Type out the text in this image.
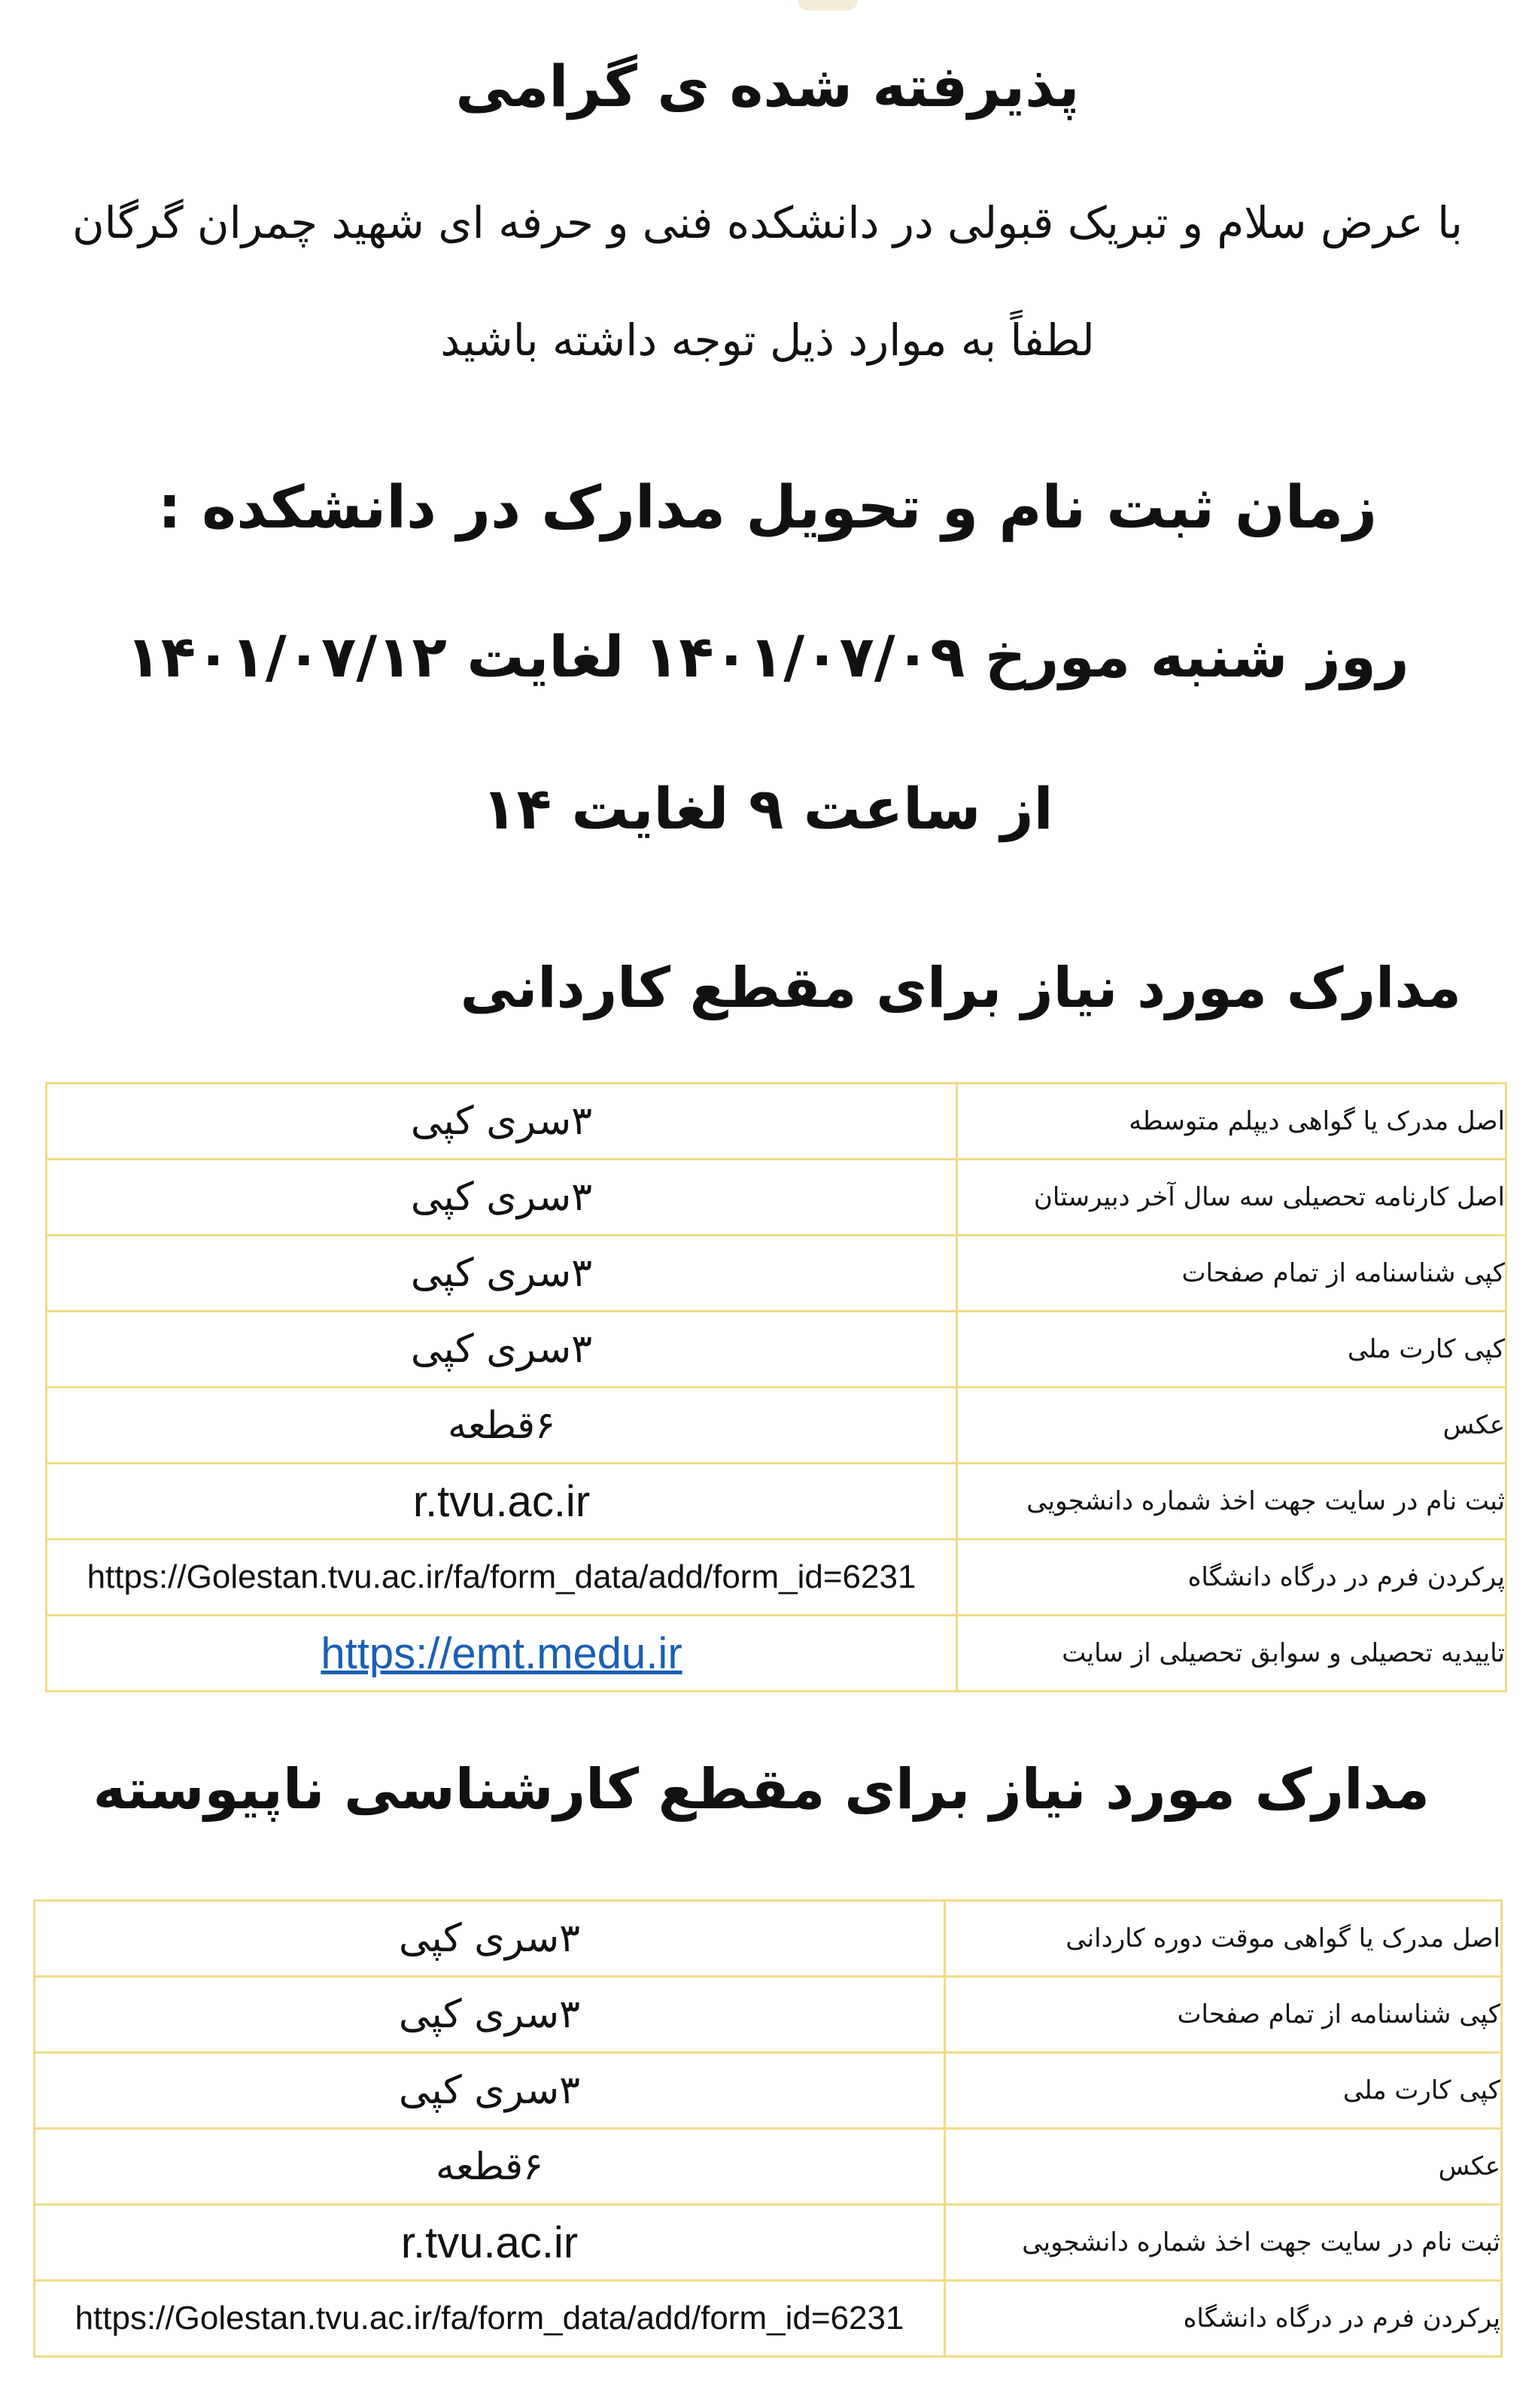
پذیرفته شده ی گرامی
با عرض سلام و تبریک قبولی در دانشکده فنی و حرفه ای شهید چمران گرگان
لطفاً به موارد ذیل توجه داشته باشید
زمان ثبت نام و تحویل مدارک در دانشکده :
روز شنبه مورخ ۱۴۰۱/۰۷/۰۹ لغایت ۱۴۰۱/۰۷/۱۲
از ساعت ۹ لغایت ۱۴
مدارک مورد نیاز برای مقطع کاردانی
۳سری کپی	اصل مدرک یا گواهی دیپلم متوسطه
۳سری کپی	اصل کارنامه تحصیلی سه سال آخر دبیرستان
۳سری کپی	کپی شناسنامه از تمام صفحات
۳سری کپی	کپی کارت ملی
۶قطعه	عکس
r.tvu.ac.ir	ثبت نام در سایت جهت اخذ شماره دانشجویی
https://Golestan.tvu.ac.ir/fa/form_data/add/form_id=6231	پرکردن فرم در درگاه دانشگاه
https://emt.medu.ir	تاییدیه تحصیلی و سوابق تحصیلی از سایت
مدارک مورد نیاز برای مقطع کارشناسی ناپیوسته
۳سری کپی	اصل مدرک یا گواهی موقت دوره کاردانی
۳سری کپی	کپی شناسنامه از تمام صفحات
۳سری کپی	کپی کارت ملی
۶قطعه	عکس
r.tvu.ac.ir	ثبت نام در سایت جهت اخذ شماره دانشجویی
https://Golestan.tvu.ac.ir/fa/form_data/add/form_id=6231	پرکردن فرم در درگاه دانشگاه
